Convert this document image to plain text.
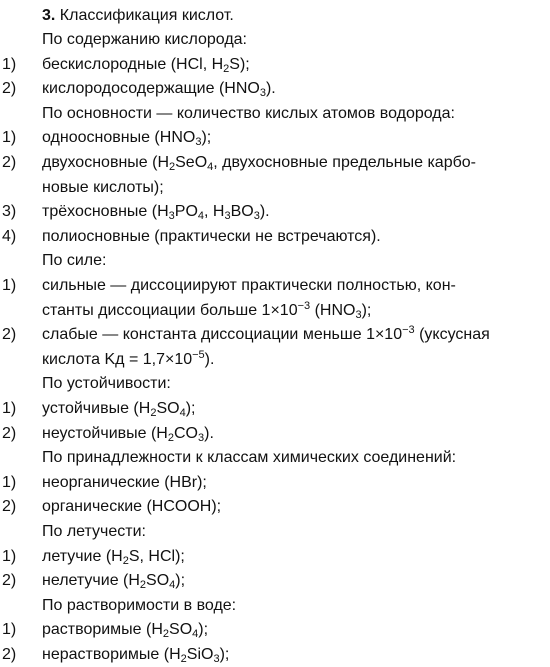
3. Классификация кислот.
По содержанию кислорода:
1) бескислородные (HCl, $H_2S$);
2) кислородосодержащие $(HNO_3)$.
По основности — количество кислых атомов водорода:
1) одноосновные $(HNO_3)$;
2) двухосновные ($H_2SeO_4$, двухосновные предельные карбо-
новые кислоты);
3) трёхосновные ($H_3PO_4$, $H_3BO_3$).
4) полиосновные (практически не встречаются).
По силе:
1) сильные — диссоциируют практически полностью, кон-
станты диссоциации больше $1\times 10^{-3}$ $(HNO_3)$;
2) слабые — константа диссоциации меньше $1\times 10^{-3}$ (уксусная
кислота Kд = $1,7\times 10^{-5}$).
По устойчивости:
1) устойчивые $(H_2SO_4)$;
2) неустойчивые $(H_2CO_3)$.
По принадлежности к классам химических соединений:
1) неорганические (HBr);
2) органические (HCOOH);
По летучести:
1) летучие ($H_2S$, HCl);
2) нелетучие $(H_2SO_4)$;
По растворимости в воде:
1) растворимые $(H_2SO_4)$;
2) нерастворимые $(H_2SiO_3)$;
